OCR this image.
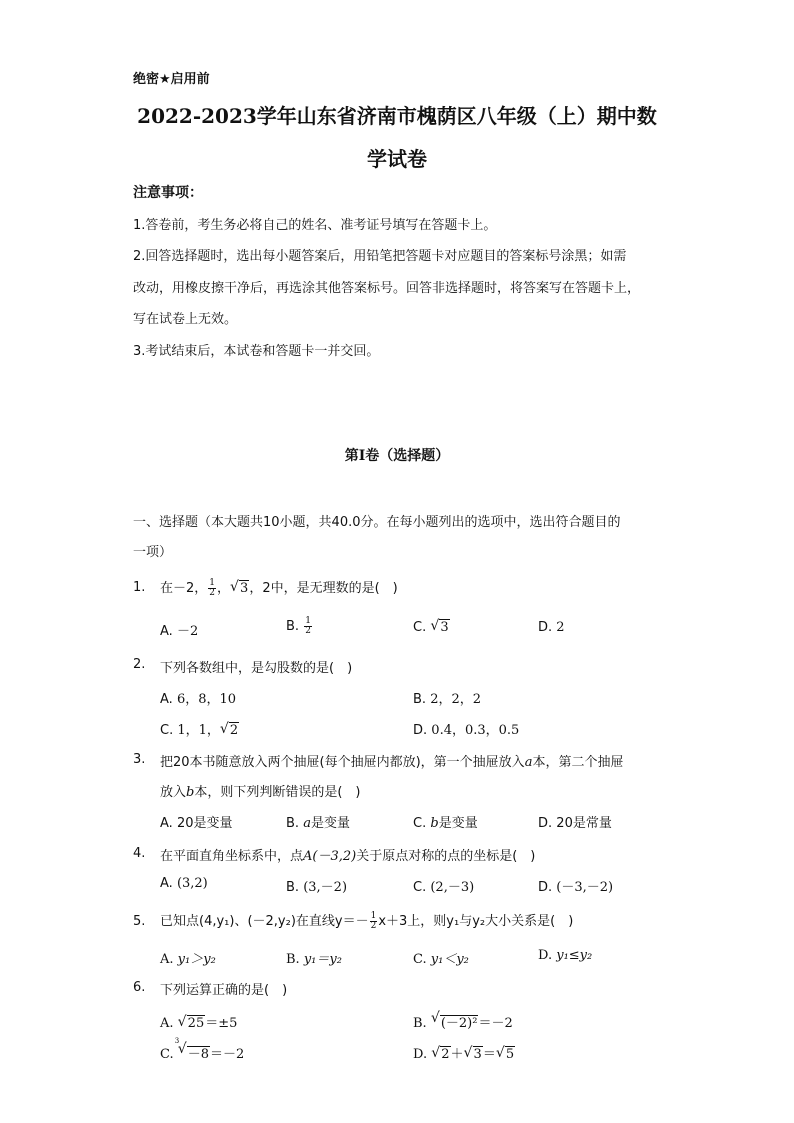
绝密★启用前
2022-2023学年山东省济南市槐荫区八年级（上）期中数
学试卷
注意事项：
1.答卷前，考生务必将自己的姓名、准考证号填写在答题卡上。
2.回答选择题时，选出每小题答案后，用铅笔把答题卡对应题目的答案标号涂黑；如需
改动，用橡皮擦干净后，再选涂其他答案标号。回答非选择题时，将答案写在答题卡上，
写在试卷上无效。
3.考试结束后，本试卷和答题卡一并交回。
第Ⅰ卷（选择题）
一、选择题（本大题共10小题，共40.0分。在每小题列出的选项中，选出符合题目的
一项）
1. 在－2， $\frac{1}{2}$ ， √ 3，2中，是无理数的是(　)
A. －2	B. $\frac{1}{2}$	C. √ 3	D. 2
2. 下列各数组中，是勾股数的是(　)
A. 6，8，10	B. 2，2，2
C. 1，1， √ 2	D. 0.4，0.3，0.5
3. 把20本书随意放入两个抽屉(每个抽屉内都放)，第一个抽屉放入a本，第二个抽屉
放入b本，则下列判断错误的是(　)
A. 20是变量	B. a是变量	C. b是变量	D. 20是常量
4. 在平面直角坐标系中，点A(－3,2)关于原点对称的点的坐标是(　)
A. (3,2)	B. (3,－2)	C. (2,－3)	D. (－3,－2)
5. 已知点(4,y₁)、(－2,y₂)在直线$y=- \frac{1}{2} x+3$上，则y₁与y₂大小关系是(　)
A. y₁＞y₂	B. y₁＝y₂	C. y₁＜y₂	D. y₁≤y₂
6. 下列运算正确的是(　)
A. √ 25＝±5	B. √ (－2)²＝－2
C.
3
√ －8＝－2	D. √ 2＋ √ 3＝ √ 5
